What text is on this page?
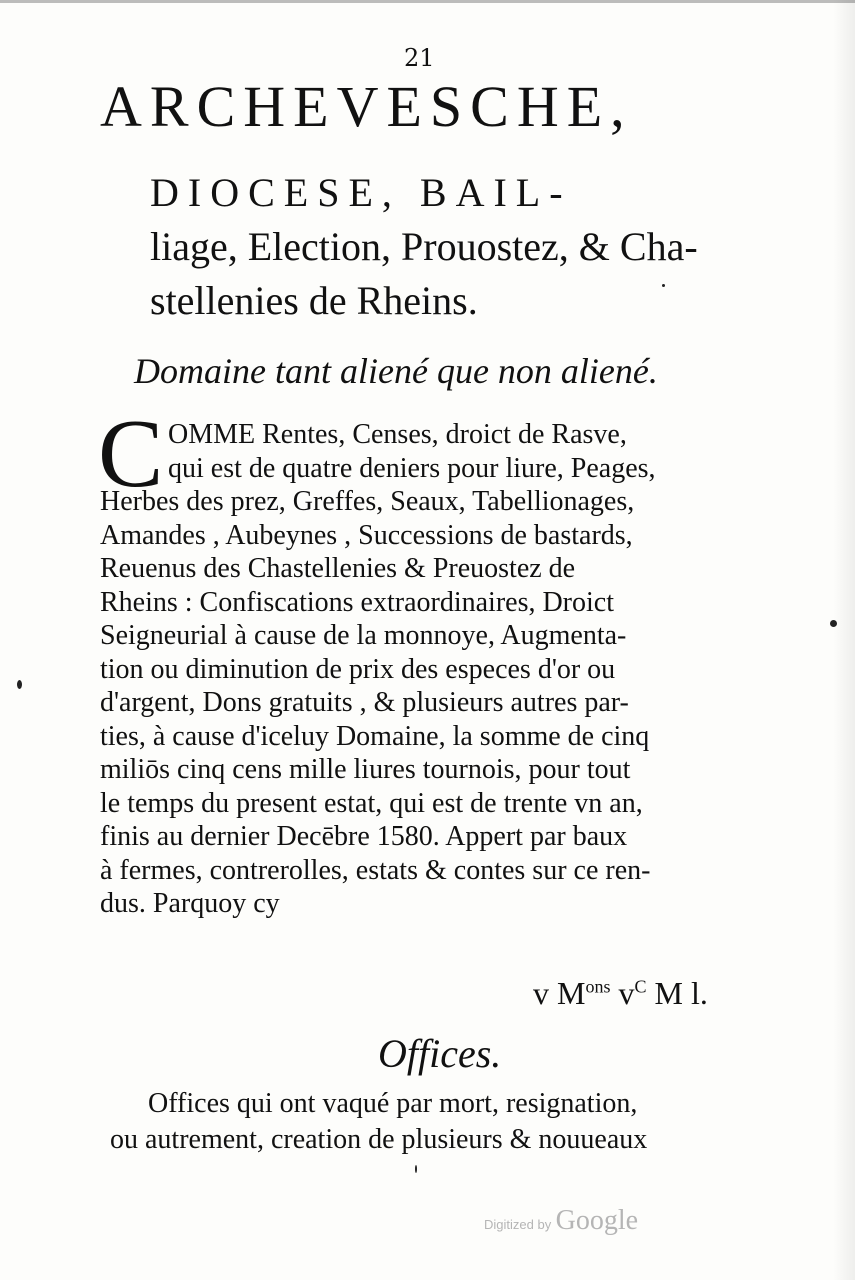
21
ARCHEVESCHE,
DIOCESE, BAIL-
liage, Election, Prouostez, & Cha-
stellenies de Rheins.
Domaine tant aliené que non aliené.
C OMME Rentes, Censes, droict de Rasve,
qui est de quatre deniers pour liure, Peages,
Herbes des prez, Greffes, Seaux, Tabellionages,
Amandes , Aubeynes , Successions de bastards,
Reuenus des Chastellenies & Preuostez de
Rheins : Confiscations extraordinaires, Droict
Seigneurial à cause de la monnoye, Augmenta-
tion ou diminution de prix des especes d'or ou
d'argent, Dons gratuits , & plusieurs autres par-
ties, à cause d'iceluy Domaine, la somme de cinq
miliōs cinq cens mille liures tournois, pour tout
le temps du present estat, qui est de trente vn an,
finis au dernier Decēbre 1580. Appert par baux
à fermes, contrerolles, estats & contes sur ce ren-
dus. Parquoy cy
v $M^{ons}$ $v^C$ M l.
Offices.
Offices qui ont vaqué par mort, resignation,
ou autrement, creation de plusieurs & nouueaux
Digitized by Google
